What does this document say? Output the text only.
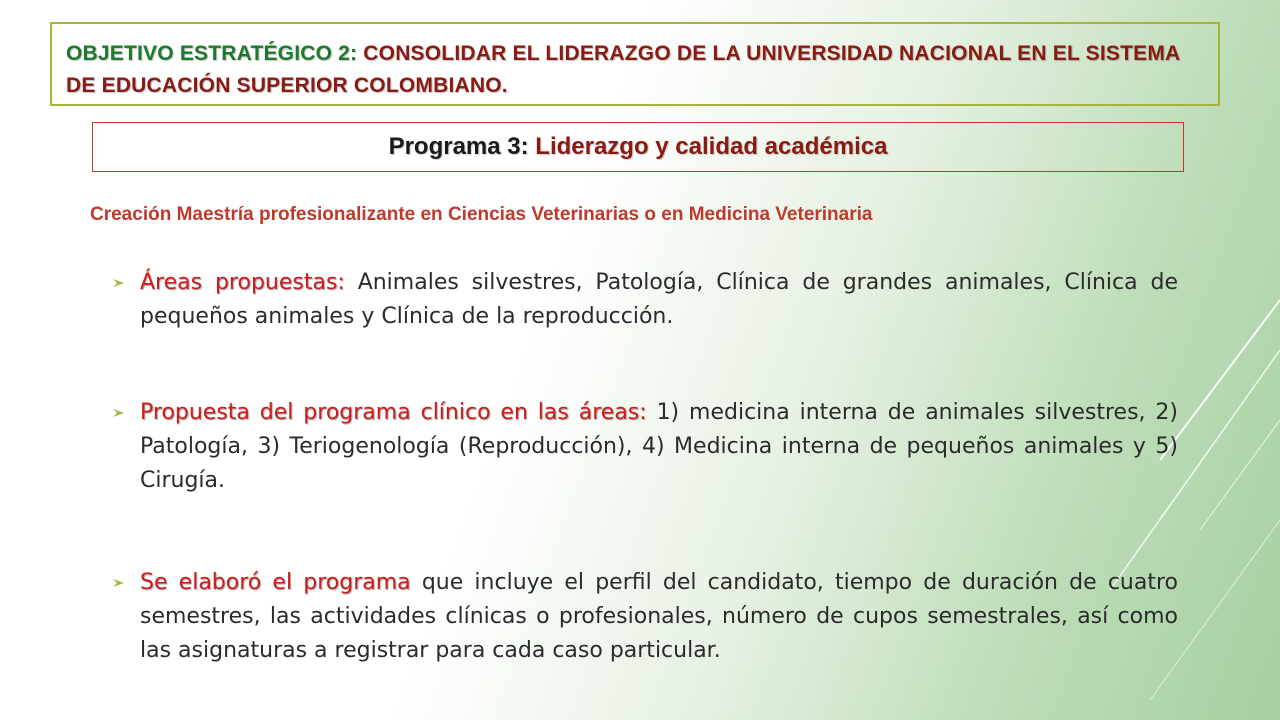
OBJETIVO ESTRATÉGICO 2: CONSOLIDAR EL LIDERAZGO DE LA UNIVERSIDAD NACIONAL EN EL SISTEMA DE EDUCACIÓN SUPERIOR COLOMBIANO.
Programa 3: Liderazgo y calidad académica
Creación Maestría profesionalizante en Ciencias Veterinarias o en Medicina Veterinaria
Áreas propuestas: Animales silvestres, Patología, Clínica de grandes animales, Clínica de pequeños animales y Clínica de la reproducción.
Propuesta del programa clínico en las áreas: 1) medicina interna de animales silvestres, 2) Patología, 3) Teriogenología (Reproducción), 4) Medicina interna de pequeños animales y 5) Cirugía.
Se elaboró el programa que incluye el perfil del candidato, tiempo de duración de cuatro semestres, las actividades clínicas o profesionales, número de cupos semestrales, así como las asignaturas a registrar para cada caso particular.
